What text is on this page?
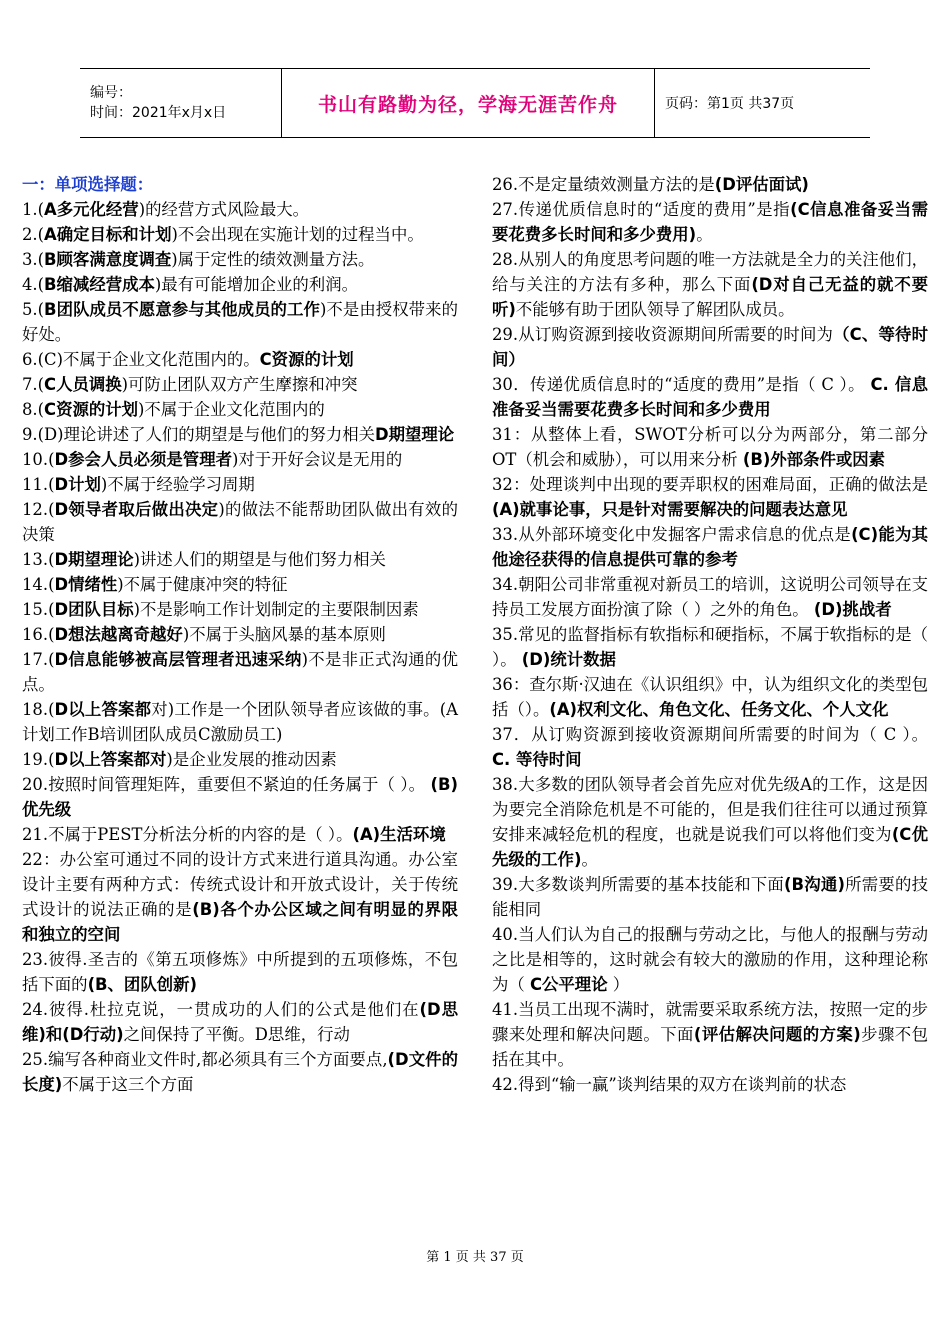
编号：
时间：2021年x月x日	书山有路勤为径，学海无涯苦作舟	页码：第1页 共37页

一：单项选择题：

1.(A多元化经营)的经营方式风险最大。

2.(A确定目标和计划)不会出现在实施计划的过程当中。

3.(B顾客满意度调查)属于定性的绩效测量方法。

4.(B缩减经营成本)最有可能增加企业的利润。

5.(B团队成员不愿意参与其他成员的工作)不是由授权带来的好处。

6.(C)不属于企业文化范围内的。C资源的计划

7.(C人员调换)可防止团队双方产生摩擦和冲突

8.(C资源的计划)不属于企业文化范围内的

9.(D)理论讲述了人们的期望是与他们的努力相关D期望理论

10.(D参会人员必须是管理者)对于开好会议是无用的

11.(D计划)不属于经验学习周期

12.(D领导者取后做出决定)的做法不能帮助团队做出有效的决策

13.(D期望理论)讲述人们的期望是与他们努力相关

14.(D情绪性)不属于健康冲突的特征

15.(D团队目标)不是影响工作计划制定的主要限制因素

16.(D想法越离奇越好)不属于头脑风暴的基本原则

17.(D信息能够被高层管理者迅速采纳)不是非正式沟通的优点。

18.(D以上答案都对)工作是一个团队领导者应该做的事。(A计划工作B培训团队成员C激励员工)

19.(D以上答案都对)是企业发展的推动因素

20.按照时间管理矩阵，重要但不紧迫的任务属于（ ）。 (B)优先级

21.不属于PEST分析法分析的内容的是（ ）。(A)生活环境

22：办公室可通过不同的设计方式来进行道具沟通。办公室设计主要有两种方式：传统式设计和开放式设计，关于传统式设计的说法正确的是(B)各个办公区域之间有明显的界限和独立的空间

23.彼得.圣吉的《第五项修炼》中所提到的五项修炼，不包括下面的(B、团队创新)

24.彼得.杜拉克说，一贯成功的人们的公式是他们在(D思维)和(D行动)之间保持了平衡。D思维，行动

25.编写各种商业文件时,都必须具有三个方面要点,(D文件的长度)不属于这三个方面

26.不是定量绩效测量方法的是(D评估面试)

27.传递优质信息时的“适度的费用”是指(C信息准备妥当需要花费多长时间和多少费用)。

28.从别人的角度思考问题的唯一方法就是全力的关注他们，给与关注的方法有多种，那么下面(D对自己无益的就不要听)不能够有助于团队领导了解团队成员。

29.从订购资源到接收资源期间所需要的时间为（C、等待时间）

30．传递优质信息时的“适度的费用”是指（ C ）。 C. 信息准备妥当需要花费多长时间和多少费用

31：从整体上看，SWOT分析可以分为两部分，第二部分OT（机会和威胁），可以用来分析 (B)外部条件或因素

32：处理谈判中出现的要弄职权的困难局面，正确的做法是(A)就事论事，只是针对需要解决的问题表达意见

33.从外部环境变化中发掘客户需求信息的优点是(C)能为其他途径获得的信息提供可靠的参考

34.朝阳公司非常重视对新员工的培训，这说明公司领导在支持员工发展方面扮演了除（ ）之外的角色。 (D)挑战者

35.常见的监督指标有软指标和硬指标，不属于软指标的是（ ）。 (D)统计数据

36：查尔斯·汉迪在《认识组织》中，认为组织文化的类型包括（）。(A)权利文化、角色文化、任务文化、个人文化

37．从订购资源到接收资源期间所需要的时间为（ C ）。 C. 等待时间

38.大多数的团队领导者会首先应对优先级A的工作，这是因为要完全消除危机是不可能的，但是我们往往可以通过预算安排来减轻危机的程度，也就是说我们可以将他们变为(C优先级的工作)。

39.大多数谈判所需要的基本技能和下面(B沟通)所需要的技能相同

40.当人们认为自己的报酬与劳动之比，与他人的报酬与劳动之比是相等的，这时就会有较大的激励的作用，这种理论称为（ C公平理论 ）

41.当员工出现不满时，就需要采取系统方法，按照一定的步骤来处理和解决问题。下面(评估解决问题的方案)步骤不包括在其中。

42.得到“输一赢”谈判结果的双方在谈判前的状态

第 1 页 共 37 页
